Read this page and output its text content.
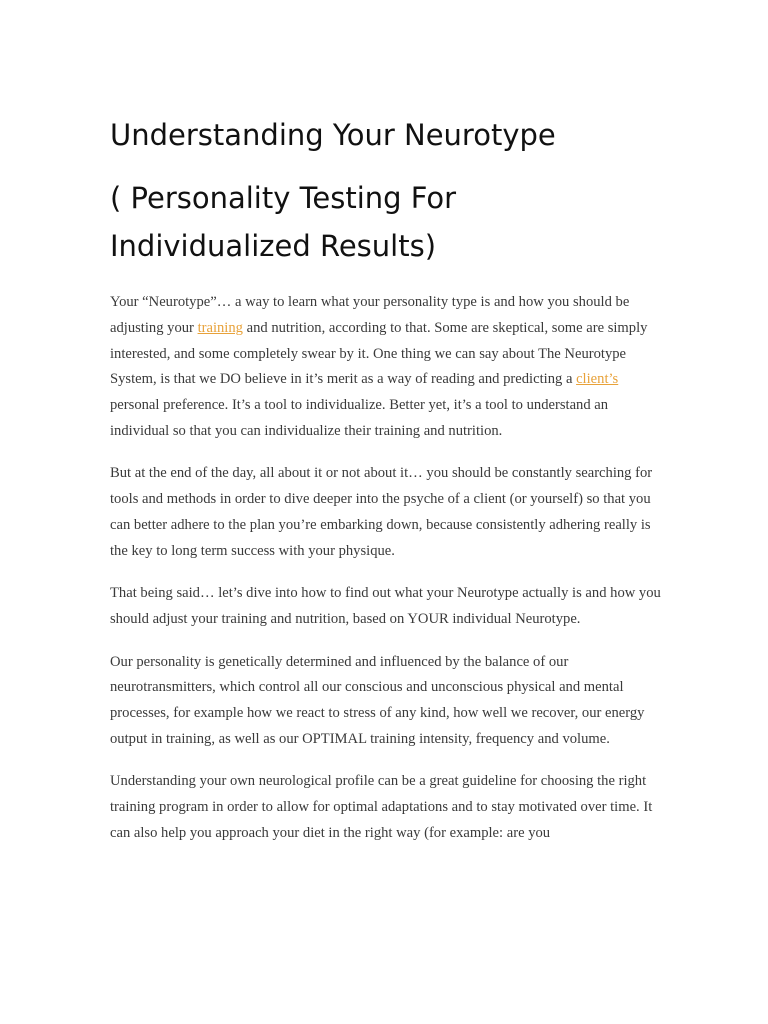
Understanding Your Neurotype
( Personality Testing For
Individualized Results)

Your “Neurotype”… a way to learn what your personality type is and how you should be adjusting your training and nutrition, according to that. Some are skeptical, some are simply interested, and some completely swear by it. One thing we can say about The Neurotype System, is that we DO believe in it’s merit as a way of reading and predicting a client’s personal preference. It’s a tool to individualize. Better yet, it’s a tool to understand an individual so that you can individualize their training and nutrition.

But at the end of the day, all about it or not about it… you should be constantly searching for tools and methods in order to dive deeper into the psyche of a client (or yourself) so that you can better adhere to the plan you’re embarking down, because consistently adhering really is the key to long term success with your physique.

That being said… let’s dive into how to find out what your Neurotype actually is and how you should adjust your training and nutrition, based on YOUR individual Neurotype.

Our personality is genetically determined and influenced by the balance of our neurotransmitters, which control all our conscious and unconscious physical and mental processes, for example how we react to stress of any kind, how well we recover, our energy output in training, as well as our OPTIMAL training intensity, frequency and volume.

Understanding your own neurological profile can be a great guideline for choosing the right training program in order to allow for optimal adaptations and to stay motivated over time. It can also help you approach your diet in the right way (for example: are you
